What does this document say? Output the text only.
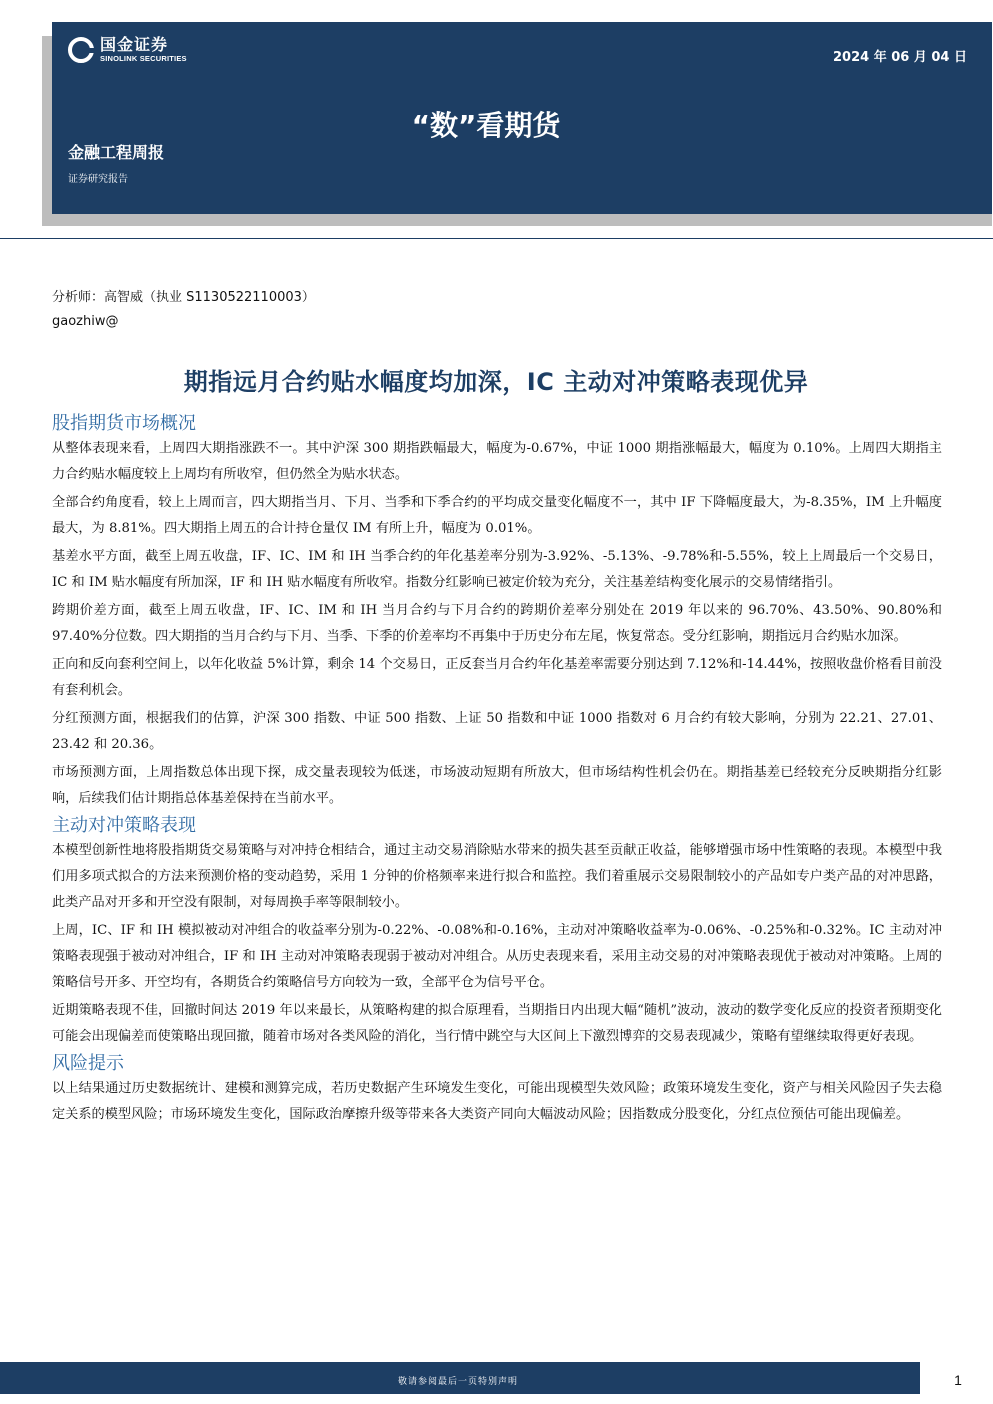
国金证券
SINOLINK SECURITIES	2024 年 06 月 04 日
“数”看期货
金融工程周报
证券研究报告
分析师：高智威（执业 S1130522110003）
gaozhiw@
期指远月合约贴水幅度均加深，IC 主动对冲策略表现优异
股指期货市场概况

从整体表现来看，上周四大期指涨跌不一。其中沪深 300 期指跌幅最大，幅度为-0.67%，中证 1000 期指涨幅最大，幅度为 0.10%。上周四大期指主力合约贴水幅度较上上周均有所收窄，但仍然全为贴水状态。

全部合约角度看，较上上周而言，四大期指当月、下月、当季和下季合约的平均成交量变化幅度不一，其中 IF 下降幅度最大，为-8.35%，IM 上升幅度最大，为 8.81%。四大期指上周五的合计持仓量仅 IM 有所上升，幅度为 0.01%。

基差水平方面，截至上周五收盘，IF、IC、IM 和 IH 当季合约的年化基差率分别为-3.92%、-5.13%、-9.78%和-5.55%，较上上周最后一个交易日，IC 和 IM 贴水幅度有所加深，IF 和 IH 贴水幅度有所收窄。指数分红影响已被定价较为充分，关注基差结构变化展示的交易情绪指引。

跨期价差方面，截至上周五收盘，IF、IC、IM 和 IH 当月合约与下月合约的跨期价差率分别处在 2019 年以来的 96.70%、43.50%、90.80%和 97.40%分位数。四大期指的当月合约与下月、当季、下季的价差率均不再集中于历史分布左尾，恢复常态。受分红影响，期指远月合约贴水加深。

正向和反向套利空间上，以年化收益 5%计算，剩余 14 个交易日，正反套当月合约年化基差率需要分别达到 7.12%和-14.44%，按照收盘价格看目前没有套利机会。

分红预测方面，根据我们的估算，沪深 300 指数、中证 500 指数、上证 50 指数和中证 1000 指数对 6 月合约有较大影响，分别为 22.21、27.01、23.42 和 20.36。

市场预测方面，上周指数总体出现下探，成交量表现较为低迷，市场波动短期有所放大，但市场结构性机会仍在。期指基差已经较充分反映期指分红影响，后续我们估计期指总体基差保持在当前水平。

主动对冲策略表现

本模型创新性地将股指期货交易策略与对冲持仓相结合，通过主动交易消除贴水带来的损失甚至贡献正收益，能够增强市场中性策略的表现。本模型中我们用多项式拟合的方法来预测价格的变动趋势，采用 1 分钟的价格频率来进行拟合和监控。我们着重展示交易限制较小的产品如专户类产品的对冲思路，此类产品对开多和开空没有限制，对每周换手率等限制较小。

上周，IC、IF 和 IH 模拟被动对冲组合的收益率分别为-0.22%、-0.08%和-0.16%，主动对冲策略收益率为-0.06%、-0.25%和-0.32%。IC 主动对冲策略表现强于被动对冲组合，IF 和 IH 主动对冲策略表现弱于被动对冲组合。从历史表现来看，采用主动交易的对冲策略表现优于被动对冲策略。上周的策略信号开多、开空均有，各期货合约策略信号方向较为一致，全部平仓为信号平仓。

近期策略表现不佳，回撤时间达 2019 年以来最长，从策略构建的拟合原理看，当期指日内出现大幅“随机”波动，波动的数学变化反应的投资者预期变化可能会出现偏差而使策略出现回撤，随着市场对各类风险的消化，当行情中跳空与大区间上下激烈博弈的交易表现减少，策略有望继续取得更好表现。

风险提示

以上结果通过历史数据统计、建模和测算完成，若历史数据产生环境发生变化，可能出现模型失效风险；政策环境发生变化，资产与相关风险因子失去稳定关系的模型风险；市场环境发生变化，国际政治摩擦升级等带来各大类资产同向大幅波动风险；因指数成分股变化，分红点位预估可能出现偏差。

敬请参阅最后一页特别声明	1
